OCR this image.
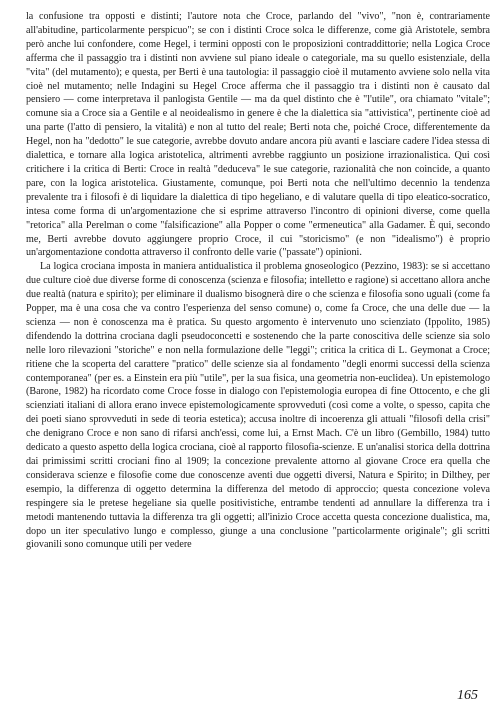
la confusione tra opposti e distinti; l'autore nota che Croce, parlando del "vivo", "non è, contrariamente all'abitudine, particolarmente perspicuo"; se con i distinti Croce solca le differenze, come già Aristotele, sembra però anche lui confondere, come Hegel, i termini opposti con le proposizioni contraddittorie; nella Logica Croce afferma che il passaggio tra i distinti non avviene sul piano ideale o categoriale, ma su quello esistenziale, della "vita" (del mutamento); e questa, per Berti è una tautologia: il passaggio cioè il mutamento avviene solo nella vita cioè nel mutamento; nelle Indagini su Hegel Croce afferma che il passaggio tra i distinti non è causato dal pensiero — come interpretava il panlogista Gentile — ma da quel distinto che è "l'utile", ora chiamato "vitale"; comune sia a Croce sia a Gentile e al neoidealismo in genere è che la dialettica sia "attivistica", pertinente cioè ad una parte (l'atto di pensiero, la vitalità) e non al tutto del reale; Berti nota che, poiché Croce, differentemente da Hegel, non ha "dedotto" le sue categorie, avrebbe dovuto andare ancora più avanti e lasciare cadere l'idea stessa di dialettica, e tornare alla logica aristotelica, altrimenti avrebbe raggiunto un posizione irrazionalistica. Qui così critichere i la critica di Berti: Croce in realtà "deduceva" le sue categorie, razionalità che non coincide, a quanto pare, con la logica aristotelica. Giustamente, comunque, poi Berti nota che nell'ultimo decennio la tendenza prevalente tra i filosofi è di liquidare la dialettica di tipo hegeliano, e di valutare quella di tipo eleatico-socratico, intesa come forma di un'argomentazione che si esprime attraverso l'incontro di opinioni diverse, come quella "retorica" alla Perelman o come "falsificazione" alla Popper o come "ermeneutica" alla Gadamer. È qui, secondo me, Berti avrebbe dovuto aggiungere proprio Croce, il cui "storicismo" (e non "idealismo") è proprio un'argomentazione condotta attraverso il confronto delle varie ("passate") opinioni.

La logica crociana imposta in maniera antidualistica il problema gnoseologico (Pezzino, 1983): se si accettano due culture cioè due diverse forme di conoscenza (scienza e filosofia; intelletto e ragione) si accettano allora anche due realtà (natura e spirito); per eliminare il dualismo bisognerà dire o che scienza e filosofia sono uguali (come fa Popper, ma è una cosa che va contro l'esperienza del senso comune) o, come fa Croce, che una delle due — la scienza — non è conoscenza ma è pratica. Su questo argomento è intervenuto uno scienziato (Ippolito, 1985) difendendo la dottrina crociana dagli pseudoconcetti e sostenendo che la parte conoscitiva delle scienze sia solo nelle loro rilevazioni "storiche" e non nella formulazione delle "leggi"; critica la critica di L. Geymonat a Croce; ritiene che la scoperta del carattere "pratico" delle scienze sia al fondamento "degli enormi successi della scienza contemporanea" (per es. a Einstein era più "utile", per la sua fisica, una geometria non-euclidea). Un epistemologo (Barone, 1982) ha ricordato come Croce fosse in dialogo con l'epistemologia europea di fine Ottocento, e che gli scienziati italiani di allora erano invece epistemologicamente sprovveduti (così come a volte, o spesso, capita che dei poeti siano sprovveduti in sede di teoria estetica); accusa inoltre di incoerenza gli attuali "filosofi della crisi" che denigrano Croce e non sano di rifarsi anch'essi, come lui, a Ernst Mach. C'è un libro (Gembillo, 1984) tutto dedicato a questo aspetto della logica crociana, cioè al rapporto filosofia-scienze. E un'analisi storica della dottrina dai primissimi scritti crociani fino al 1909; la concezione prevalente attorno al giovane Croce era quella che considerava scienze e filosofie come due conoscenze aventi due oggetti diversi, Natura e Spirito; in Dilthey, per esempio, la differenza di oggetto determina la differenza del metodo di approccio; questa concezione voleva respingere sia le pretese hegeliane sia quelle positivistiche, entrambe tendenti ad annullare la differenza tra i metodi mantenendo tuttavia la differenza tra gli oggetti; all'inizio Croce accetta questa concezione dualistica, ma, dopo un iter speculativo lungo e complesso, giunge a una conclusione "particolarmente originale"; gli scritti giovanili sono comunque utili per vedere

165
